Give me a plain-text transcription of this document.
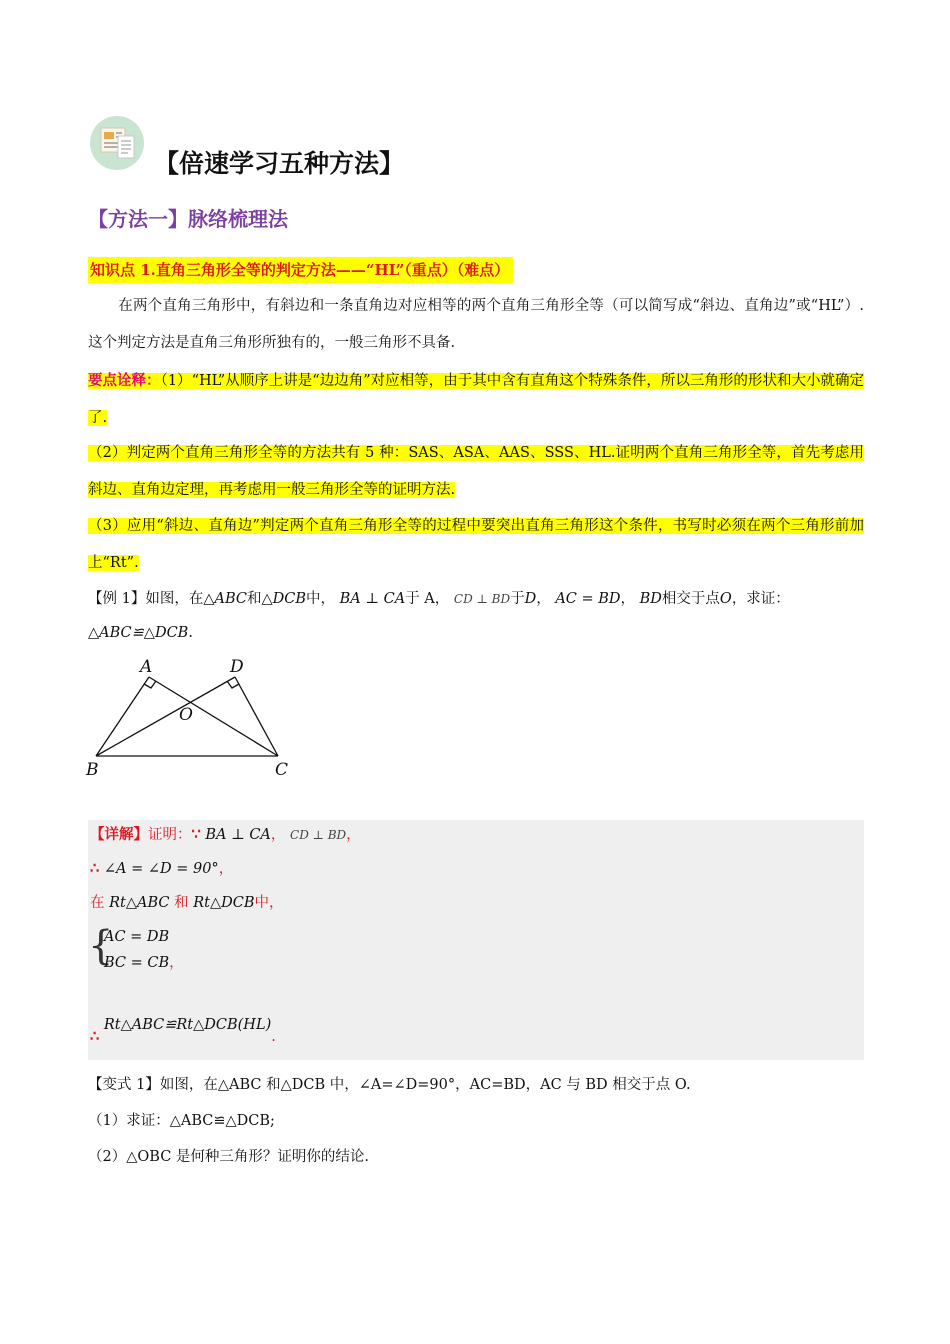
【倍速学习五种方法】
【方法一】脉络梳理法
知识点 1.直角三角形全等的判定方法——“HL”（重点）（难点）
在两个直角三角形中，有斜边和一条直角边对应相等的两个直角三角形全等（可以简写成“斜边、直角边”或“HL”）.这个判定方法是直角三角形所独有的，一般三角形不具备.
要点诠释：（1）“HL”从顺序上讲是“边边角”对应相等，由于其中含有直角这个特殊条件，所以三角形的形状和大小就确定了.
（2）判定两个直角三角形全等的方法共有 5 种：SAS、ASA、AAS、SSS、HL.证明两个直角三角形全等，首先考虑用斜边、直角边定理，再考虑用一般三角形全等的证明方法.
（3）应用“斜边、直角边”判定两个直角三角形全等的过程中要突出直角三角形这个条件，书写时必须在两个三角形前加上“Rt”.
【例 1】如图，在△ABC和△DCB中， BA ⊥ CA于 A， CD ⊥ BD于D， AC = BD， BD相交于点O，求证：
△ABC≌△DCB.
A	D
O
B	C
【详解】证明：∵ BA ⊥ CA， CD ⊥ BD，
∴ ∠A = ∠D = 90°，
在 Rt△ABC 和 Rt△DCB中，
{
AC = DB
BC = CB，
∴ Rt△ABC≌Rt△DCB(HL).
【变式 1】如图，在△ABC 和△DCB 中，∠A=∠D=90°，AC=BD，AC 与 BD 相交于点 O.
（1）求证：△ABC≌△DCB;
（2）△OBC 是何种三角形？证明你的结论.
